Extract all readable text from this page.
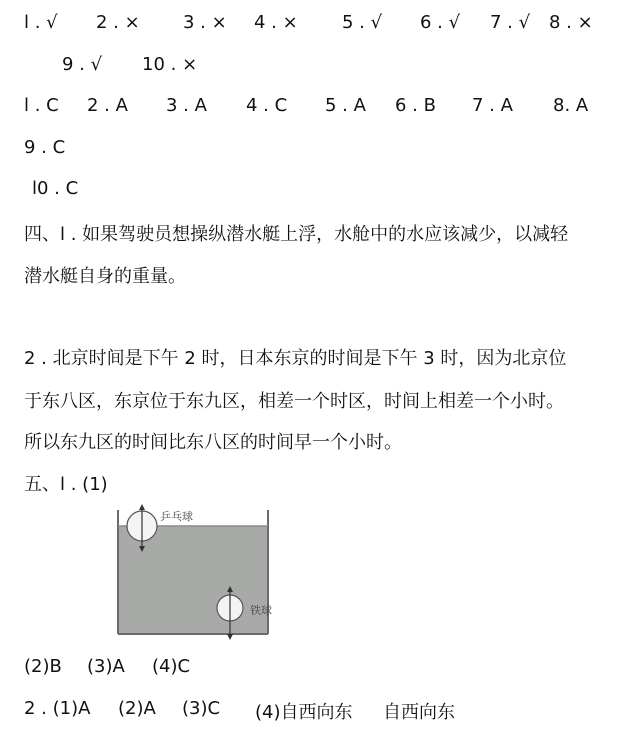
l . √ 2 . × 3 . × 4 . × 5 . √ 6 . √ 7 . √ 8 . ×
9 . √ 10 . ×
l . C 2 . A 3 . A 4 . C 5 . A 6 . B 7 . A 8. A
9 . C
l0 . C
四、l . 如果驾驶员想操纵潜水艇上浮，水舱中的水应该减少，以减轻
潜水艇自身的重量。
2 . 北京时间是下午 2 时，日本东京的时间是下午 3 时，因为北京位
于东八区，东京位于东九区，相差一个时区，时间上相差一个小时。
所以东九区的时间比东八区的时间早一个小时。
五、l . (1)
乒乓球
铁球
(2)B (3)A (4)C
2 . (1)A (2)A (3)C (4)自西向东 自西向东
